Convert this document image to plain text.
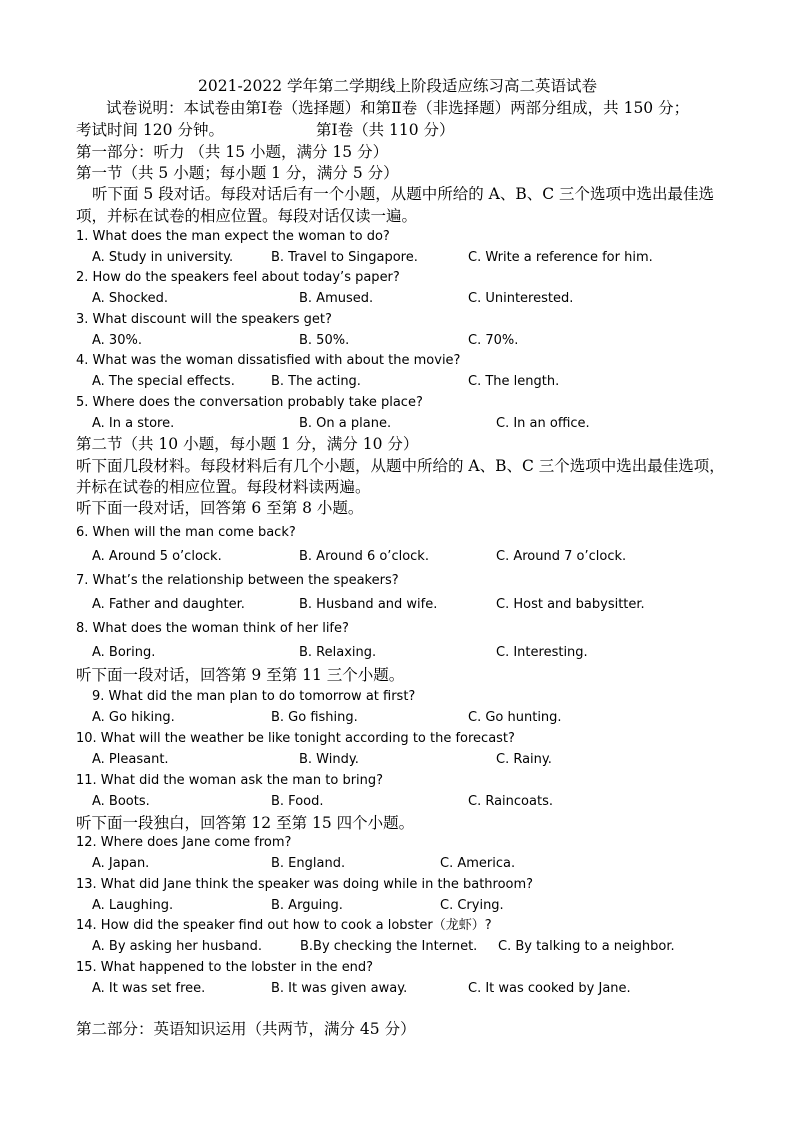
2021-2022 学年第二学期线上阶段适应练习高二英语试卷
试卷说明：本试卷由第Ⅰ卷（选择题）和第Ⅱ卷（非选择题）两部分组成，共 150 分；
考试时间 120 分钟。	第Ⅰ卷（共 110 分）
第一部分：听力 （共 15 小题，满分 15 分）
第一节（共 5 小题；每小题 1 分，满分 5 分）
听下面 5 段对话。每段对话后有一个小题，从题中所给的 A、B、C 三个选项中选出最佳选
项，并标在试卷的相应位置。每段对话仅读一遍。
1. What does the man expect the woman to do?
A. Study in university.	B. Travel to Singapore.	C. Write a reference for him.
2. How do the speakers feel about today’s paper?
A. Shocked.	B. Amused.	C. Uninterested.
3. What discount will the speakers get?
A. 30%.	B. 50%.	C. 70%.
4. What was the woman dissatisfied with about the movie?
A. The special effects.	B. The acting.	C. The length.
5. Where does the conversation probably take place?
A. In a store.	B. On a plane.	C. In an office.
第二节（共 10 小题，每小题 1 分，满分 10 分）
听下面几段材料。每段材料后有几个小题，从题中所给的 A、B、C 三个选项中选出最佳选项，
并标在试卷的相应位置。每段材料读两遍。
听下面一段对话，回答第 6 至第 8 小题。
6. When will the man come back?
A. Around 5 o’clock.	B. Around 6 o’clock.	C. Around 7 o’clock.
7. What’s the relationship between the speakers?
A. Father and daughter.	B. Husband and wife.	C. Host and babysitter.
8. What does the woman think of her life?
A. Boring.	B. Relaxing.	C. Interesting.
听下面一段对话，回答第 9 至第 11 三个小题。
9. What did the man plan to do tomorrow at first?
A. Go hiking.	B. Go fishing.	C. Go hunting.
10. What will the weather be like tonight according to the forecast?
A. Pleasant.	B. Windy.	C. Rainy.
11. What did the woman ask the man to bring?
A. Boots.	B. Food.	C. Raincoats.
听下面一段独白，回答第 12 至第 15 四个小题。
12. Where does Jane come from?
A. Japan.	B. England.	C. America.
13. What did Jane think the speaker was doing while in the bathroom?
A. Laughing.	B. Arguing.	C. Crying.
14. How did the speaker find out how to cook a lobster（龙虾）?
A. By asking her husband.	B.By checking the Internet. C. By talking to a neighbor.
15. What happened to the lobster in the end?
A. It was set free.	B. It was given away.	C. It was cooked by Jane.
第二部分：英语知识运用（共两节，满分 45 分）
